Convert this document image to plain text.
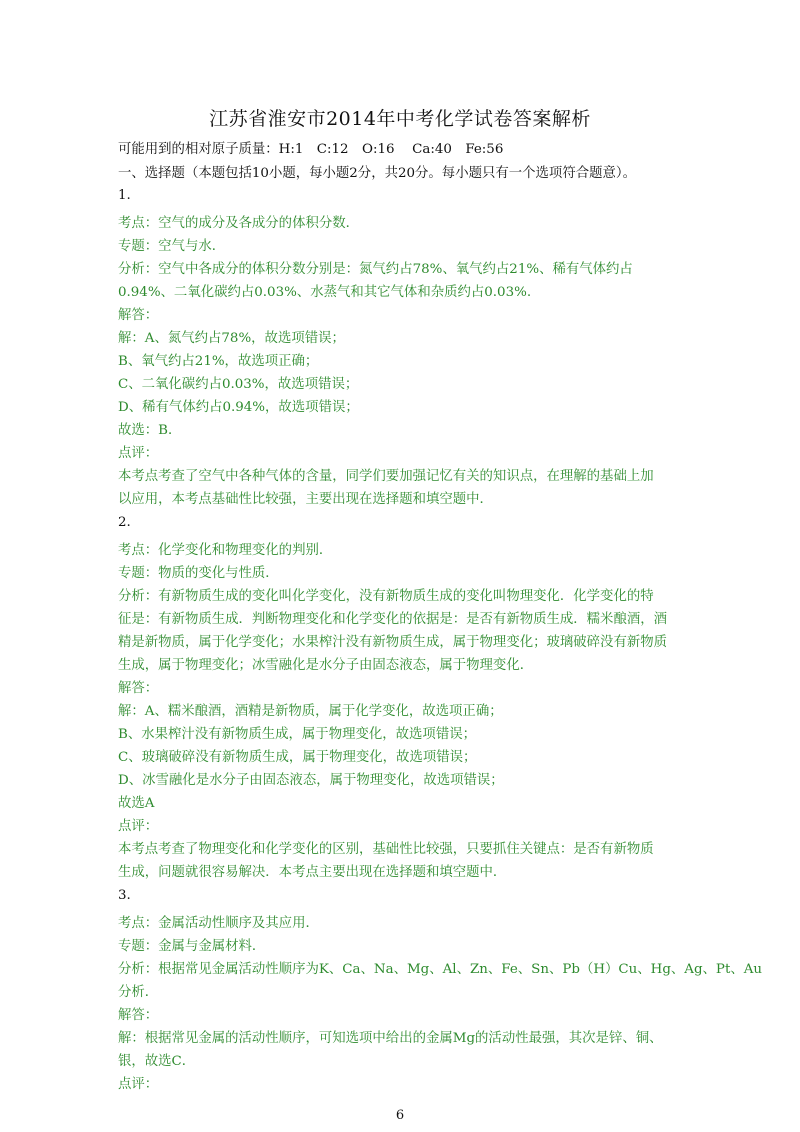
江苏省淮安市2014年中考化学试卷答案解析
可能用到的相对原子质量：H:1　C:12　O:16　 Ca:40　Fe:56
一、选择题（本题包括10小题，每小题2分，共20分。每小题只有一个选项符合题意）。
1.
考点：空气的成分及各成分的体积分数．
专题：空气与水．
分析：空气中各成分的体积分数分别是：氮气约占78%、氧气约占21%、稀有气体约占
0.94%、二氧化碳约占0.03%、水蒸气和其它气体和杂质约占0.03%.
解答：
解：A、氮气约占78%，故选项错误；
B、氧气约占21%，故选项正确；
C、二氧化碳约占0.03%，故选项错误；
D、稀有气体约占0.94%，故选项错误；
故选：B．
点评：
本考点考查了空气中各种气体的含量，同学们要加强记忆有关的知识点，在理解的基础上加
以应用，本考点基础性比较强，主要出现在选择题和填空题中．
2.
考点：化学变化和物理变化的判别．
专题：物质的变化与性质．
分析：有新物质生成的变化叫化学变化，没有新物质生成的变化叫物理变化．化学变化的特
征是：有新物质生成．判断物理变化和化学变化的依据是：是否有新物质生成．糯米酿酒，酒
精是新物质，属于化学变化；水果榨汁没有新物质生成，属于物理变化；玻璃破碎没有新物质
生成，属于物理变化；冰雪融化是水分子由固态液态，属于物理变化．
解答：
解：A、糯米酿酒，酒精是新物质，属于化学变化，故选项正确；
B、水果榨汁没有新物质生成，属于物理变化，故选项错误；
C、玻璃破碎没有新物质生成，属于物理变化，故选项错误；
D、冰雪融化是水分子由固态液态，属于物理变化，故选项错误；
故选A
点评：
本考点考查了物理变化和化学变化的区别，基础性比较强，只要抓住关键点：是否有新物质
生成，问题就很容易解决．本考点主要出现在选择题和填空题中．
3.
考点：金属活动性顺序及其应用．
专题：金属与金属材料．
分析：根据常见金属活动性顺序为K、Ca、Na、Mg、Al、Zn、Fe、Sn、Pb（H）Cu、Hg、Ag、Pt、Au
分析．
解答：
解：根据常见金属的活动性顺序，可知选项中给出的金属Mg的活动性最强，其次是锌、铜、
银，故选C．
点评：
6
